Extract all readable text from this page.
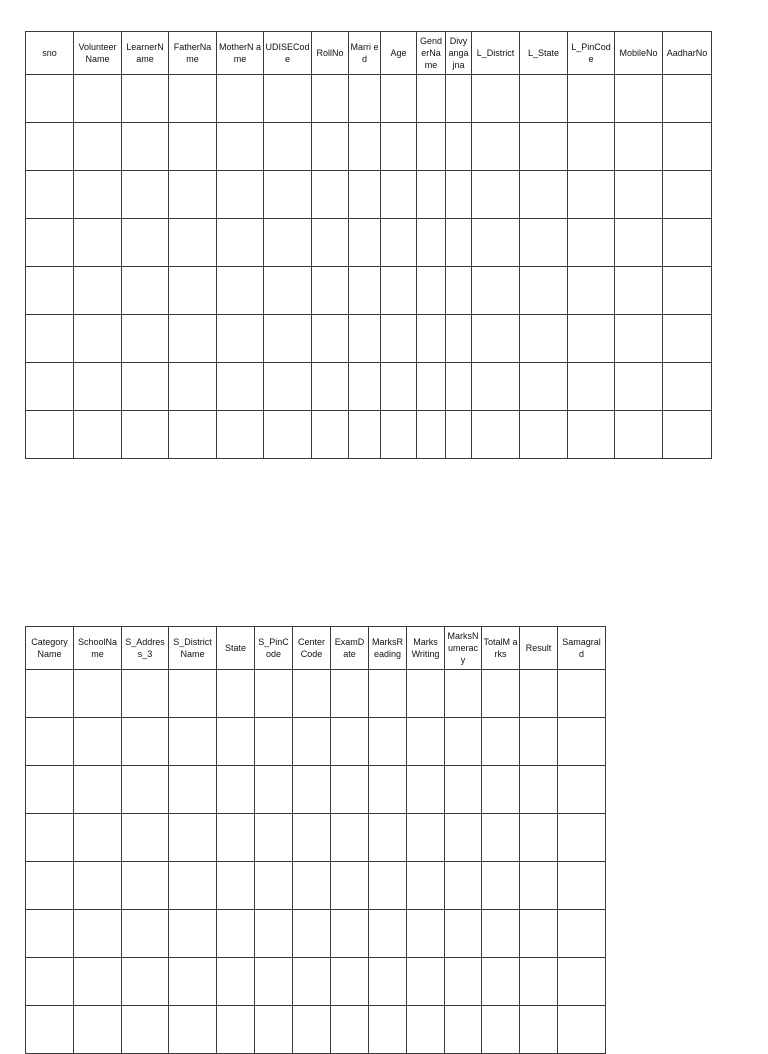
sno	Volunteer Name	LearnerN ame	FatherNa me	MotherN ame	UDISECod e	RollNo	Marri ed	Age	Gend erNa me	Divy anga jna	L_District	L_State	L_PinCod e	MobileNo	AadharNo

Category Name	SchoolNa me	S_Addres s_3	S_District Name	State	S_PinC ode	Center Code	ExamD ate	MarksR eading	Marks Writing	MarksN umerac y	TotalM arks	Result	Samagral d
